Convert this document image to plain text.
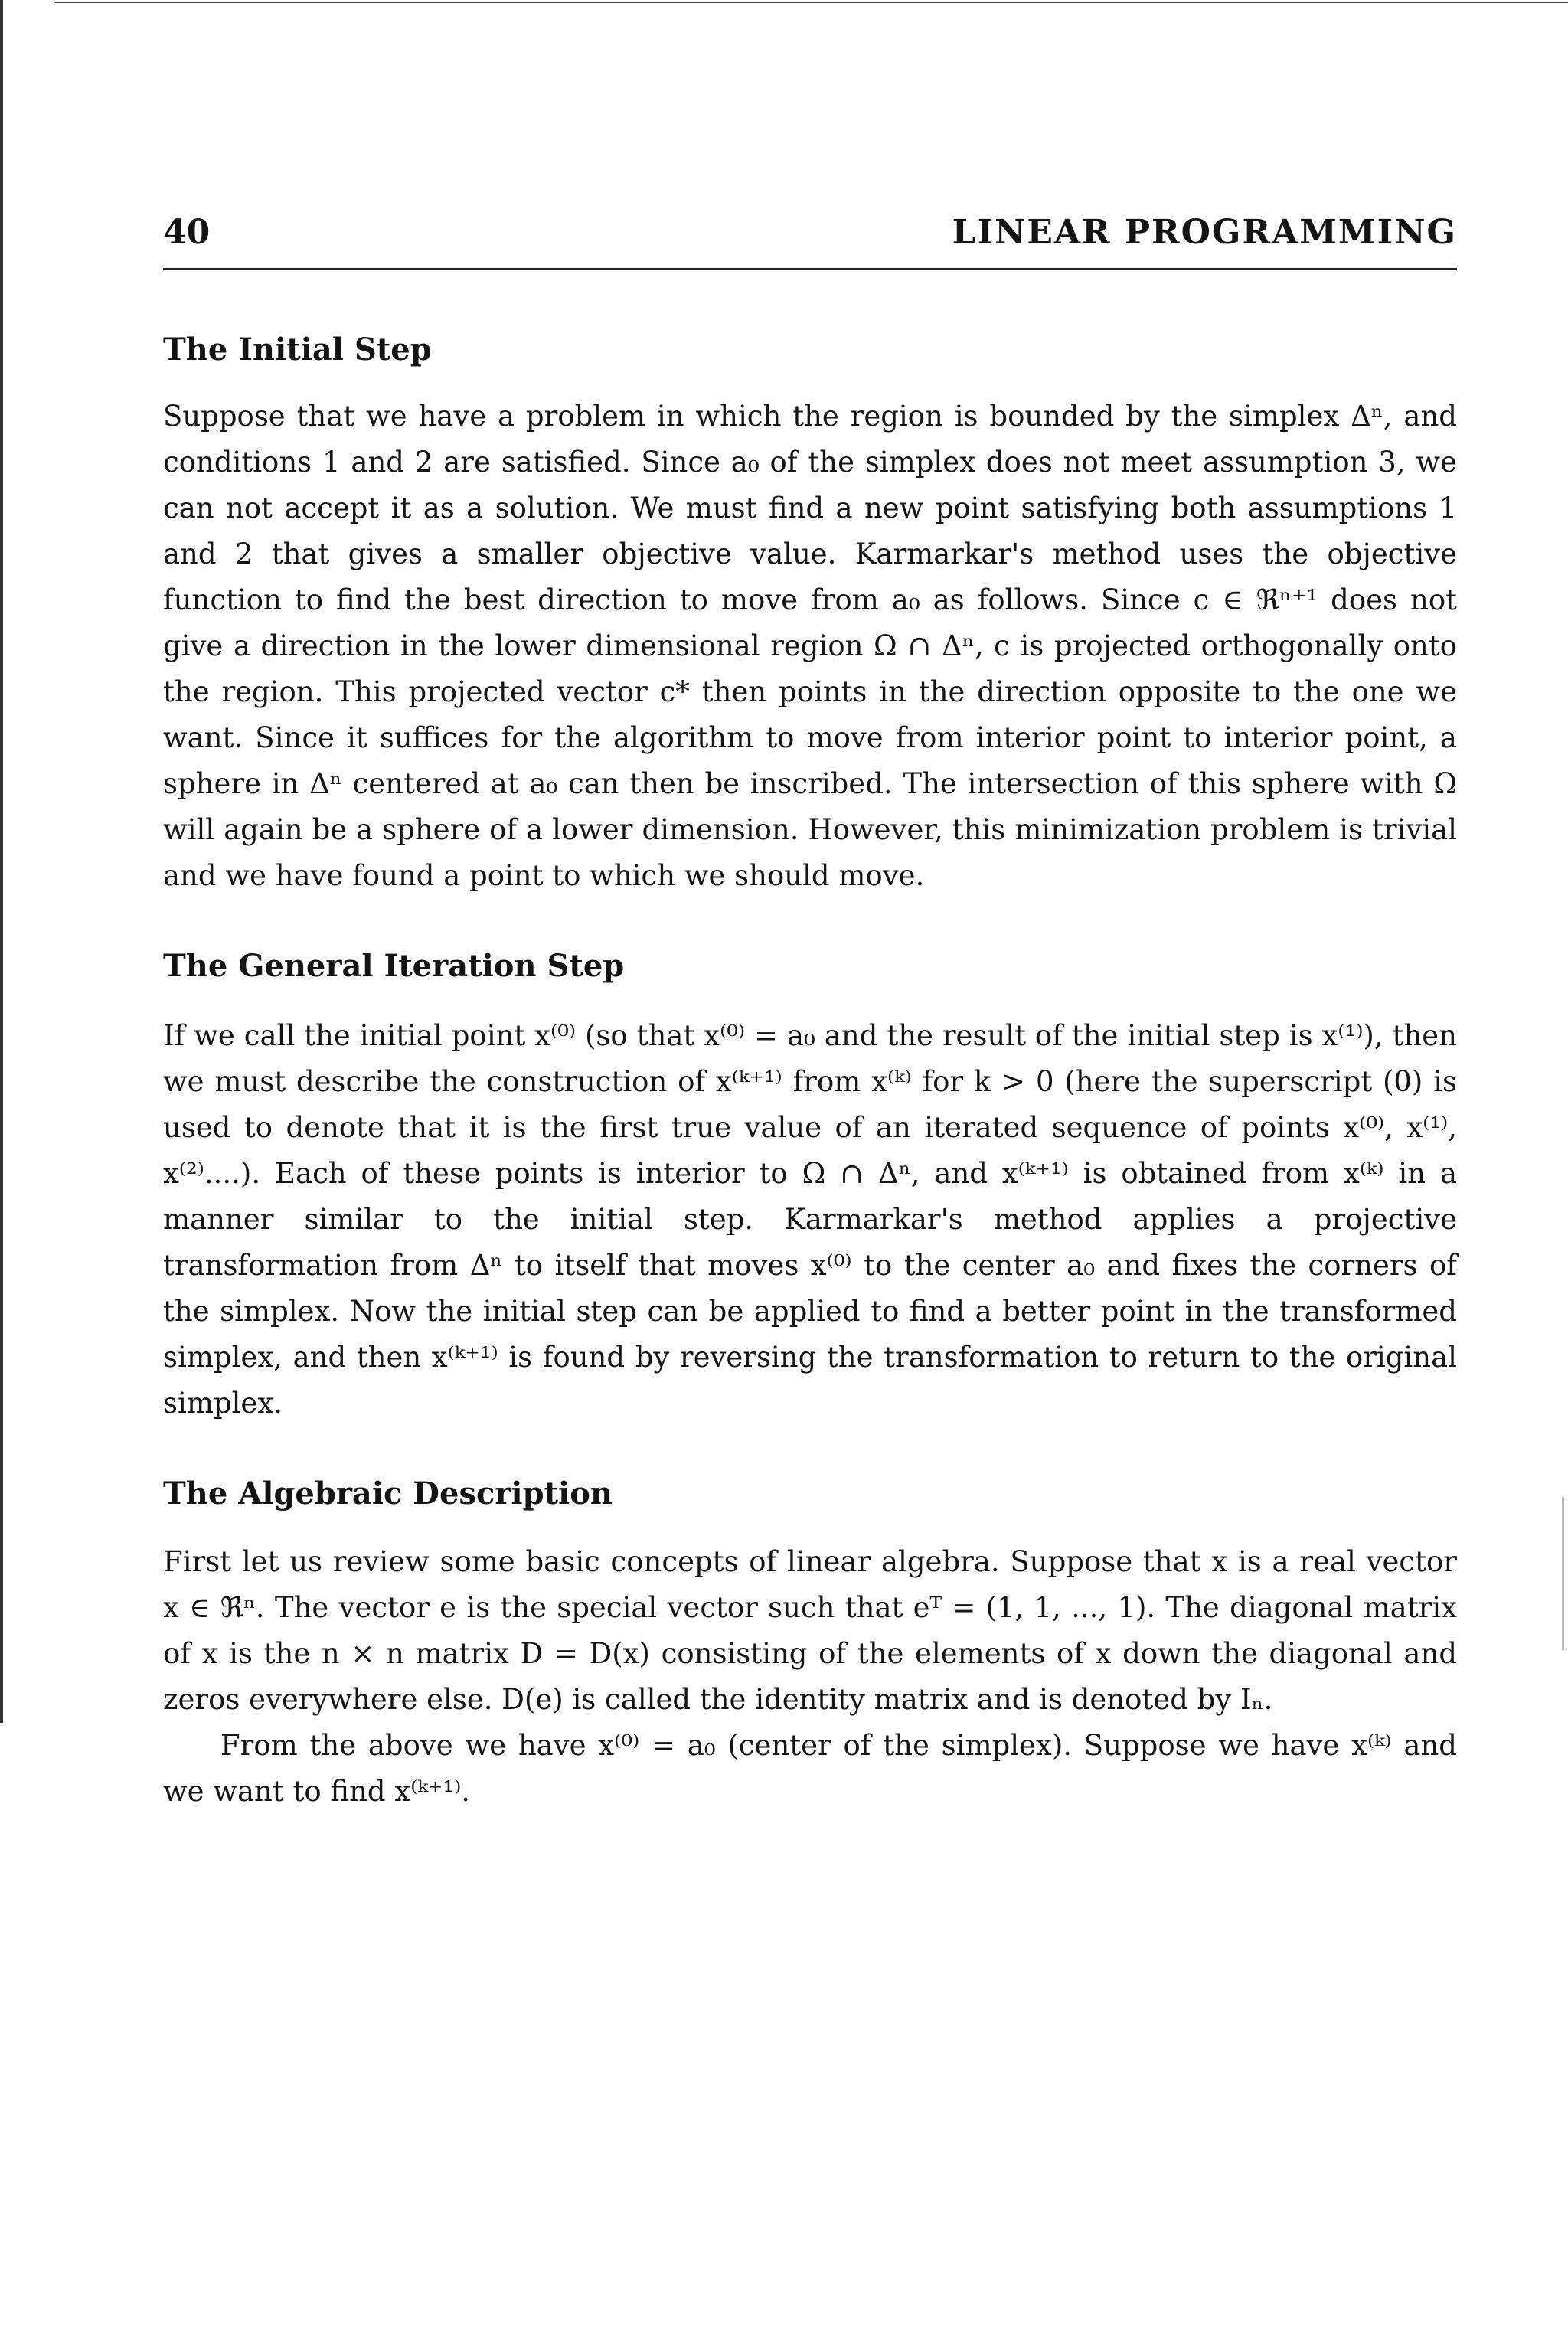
40	LINEAR PROGRAMMING
The Initial Step

Suppose that we have a problem in which the region is bounded by the simplex Δⁿ, and conditions 1 and 2 are satisfied. Since a₀ of the simplex does not meet assumption 3, we can not accept it as a solution. We must find a new point satisfying both assumptions 1 and 2 that gives a smaller objective value. Karmarkar's method uses the objective function to find the best direction to move from a₀ as follows. Since c ∈ ℜⁿ⁺¹ does not give a direction in the lower dimensional region Ω ∩ Δⁿ, c is projected orthogonally onto the region. This projected vector c* then points in the direction opposite to the one we want. Since it suffices for the algorithm to move from interior point to interior point, a sphere in Δⁿ centered at a₀ can then be inscribed. The intersection of this sphere with Ω will again be a sphere of a lower dimension. However, this minimization problem is trivial and we have found a point to which we should move.

The General Iteration Step

If we call the initial point x⁽⁰⁾ (so that x⁽⁰⁾ = a₀ and the result of the initial step is x⁽¹⁾), then we must describe the construction of x⁽ᵏ⁺¹⁾ from x⁽ᵏ⁾ for k > 0 (here the superscript (0) is used to denote that it is the first true value of an iterated sequence of points x⁽⁰⁾, x⁽¹⁾, x⁽²⁾....). Each of these points is interior to Ω ∩ Δⁿ, and x⁽ᵏ⁺¹⁾ is obtained from x⁽ᵏ⁾ in a manner similar to the initial step. Karmarkar's method applies a projective transformation from Δⁿ to itself that moves x⁽⁰⁾ to the center a₀ and fixes the corners of the simplex. Now the initial step can be applied to find a better point in the transformed simplex, and then x⁽ᵏ⁺¹⁾ is found by reversing the transformation to return to the original simplex.

The Algebraic Description

First let us review some basic concepts of linear algebra. Suppose that x is a real vector x ∈ ℜⁿ. The vector e is the special vector such that eᵀ = (1, 1, ..., 1). The diagonal matrix of x is the n × n matrix D = D(x) consisting of the elements of x down the diagonal and zeros everywhere else. D(e) is called the identity matrix and is denoted by Iₙ.

From the above we have x⁽⁰⁾ = a₀ (center of the simplex). Suppose we have x⁽ᵏ⁾ and we want to find x⁽ᵏ⁺¹⁾.
